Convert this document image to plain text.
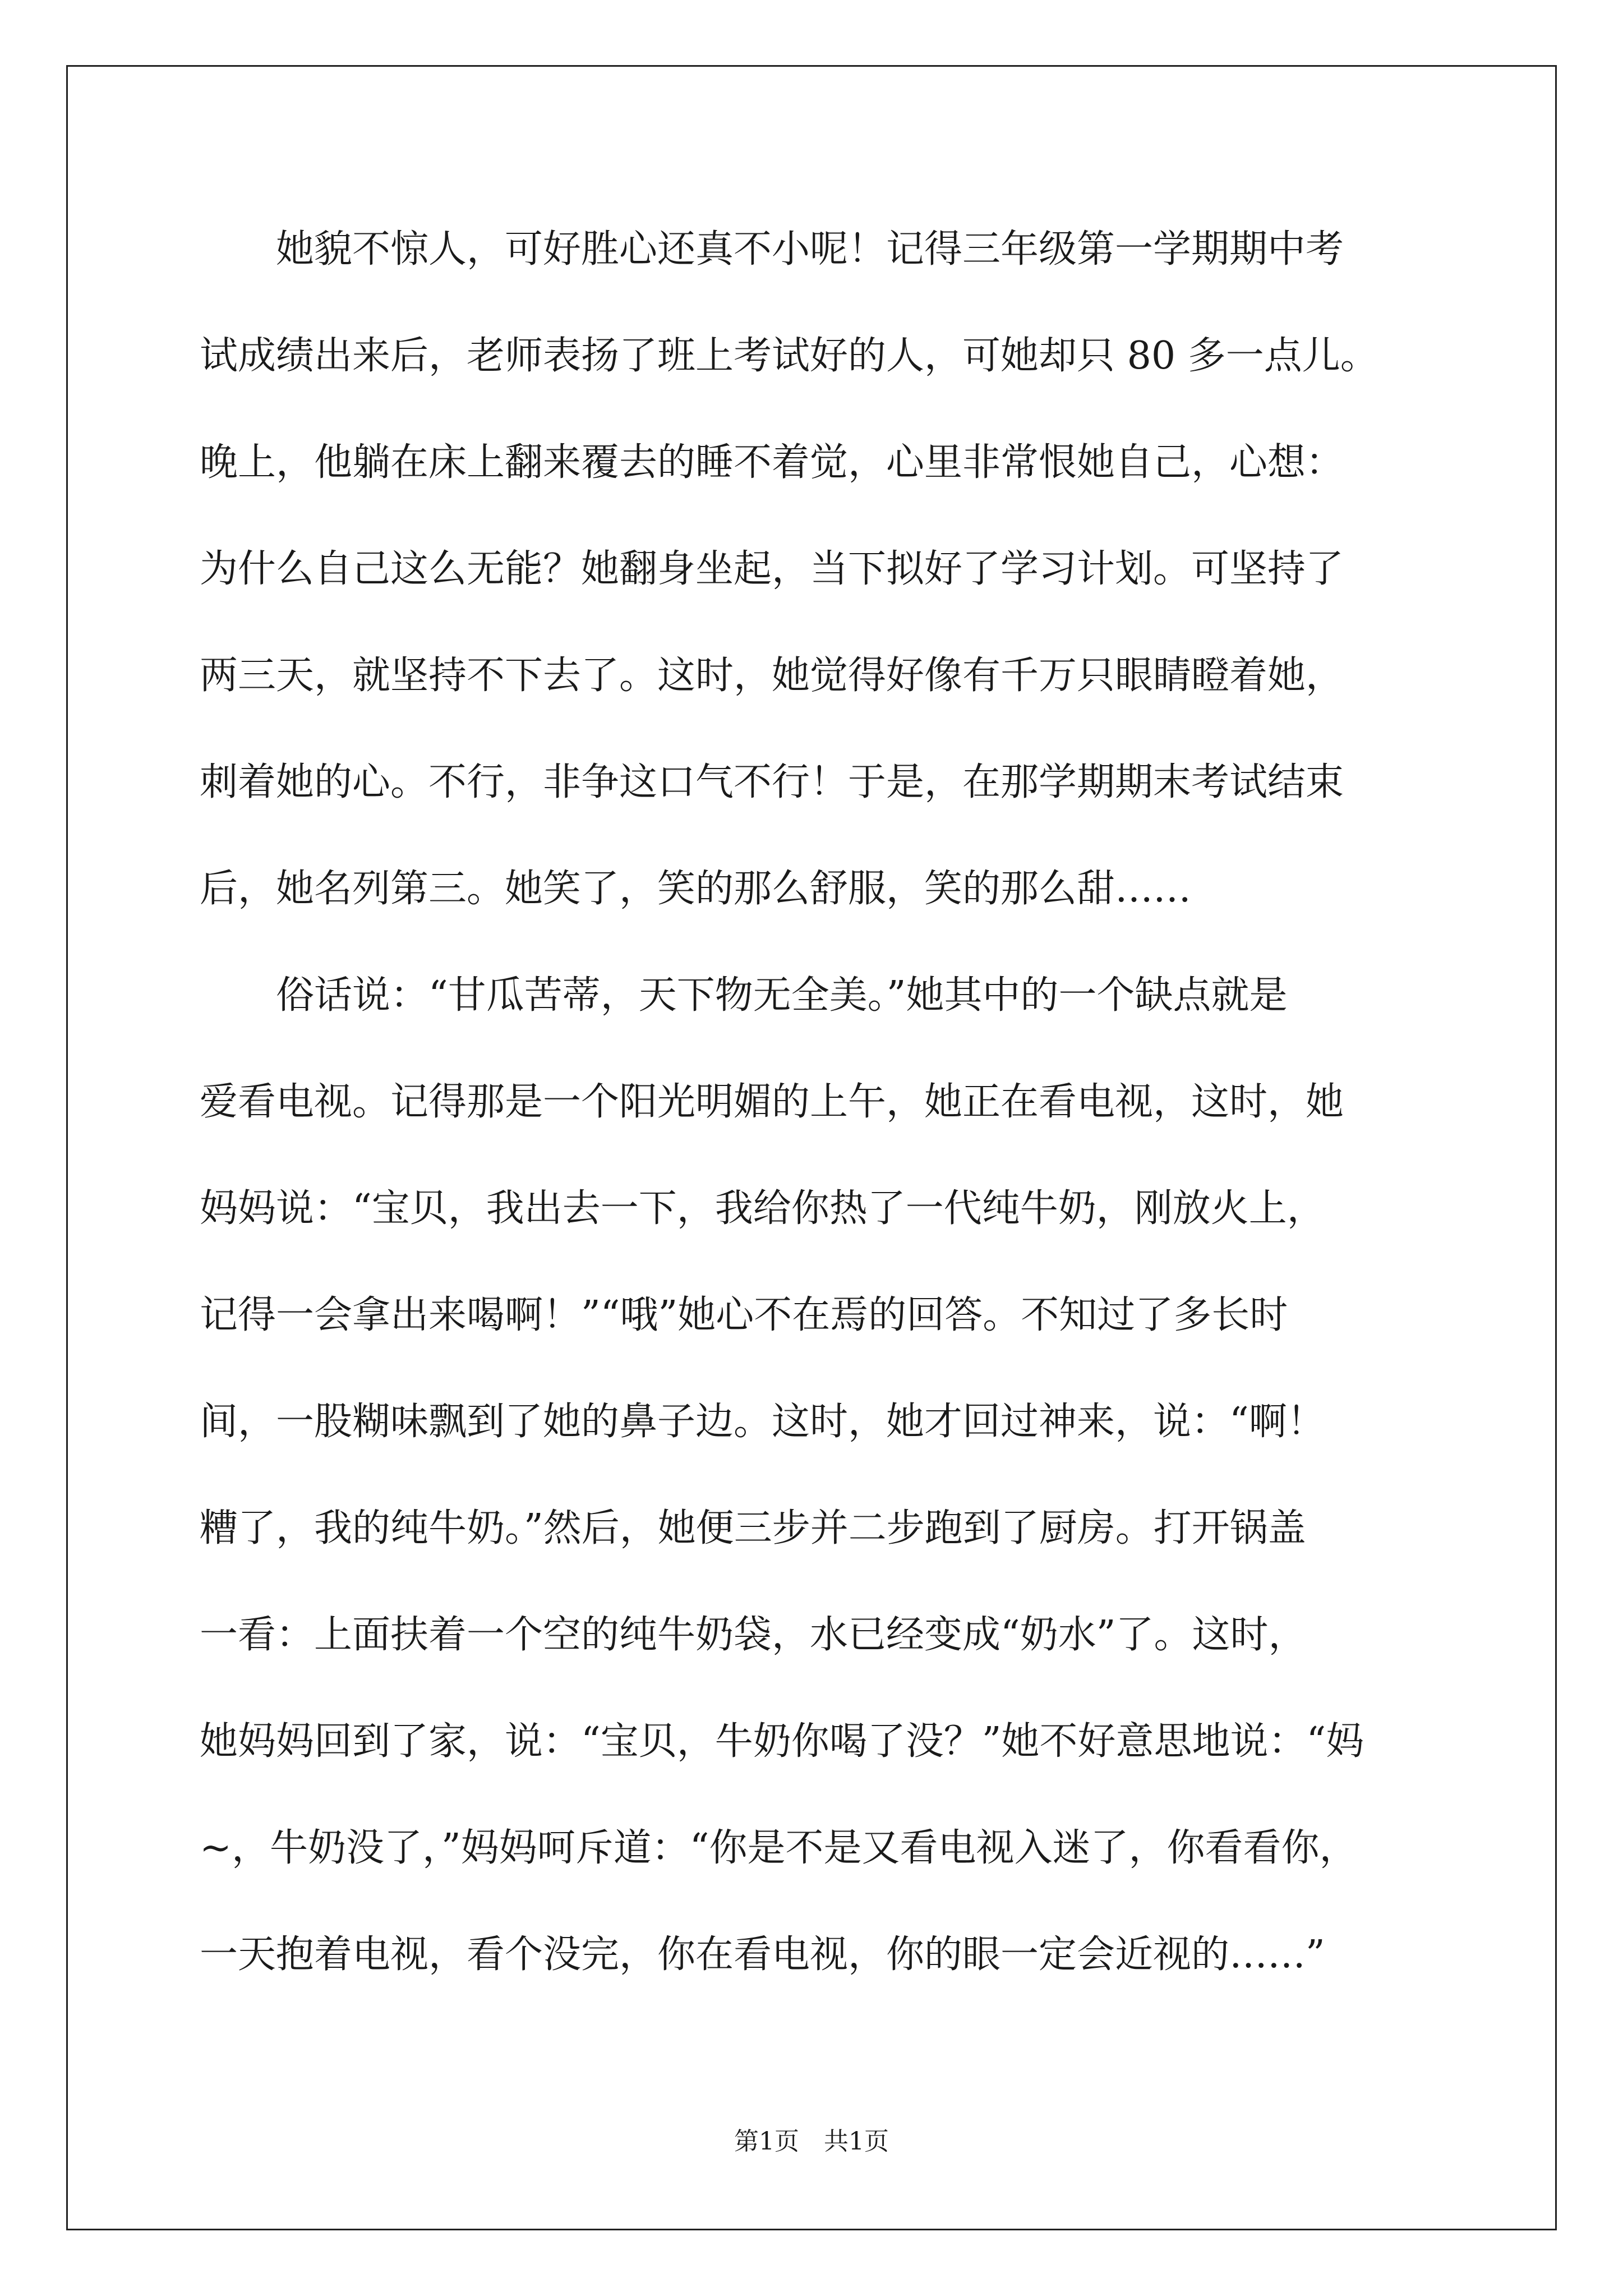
她貌不惊人，可好胜心还真不小呢！记得三年级第一学期期中考
试成绩出来后，老师表扬了班上考试好的人，可她却只 80 多一点儿。
晚上，他躺在床上翻来覆去的睡不着觉，心里非常恨她自己，心想：
为什么自己这么无能？她翻身坐起，当下拟好了学习计划。可坚持了
两三天，就坚持不下去了。这时，她觉得好像有千万只眼睛瞪着她，
刺着她的心。不行，非争这口气不行！于是，在那学期期末考试结束
后，她名列第三。她笑了，笑的那么舒服，笑的那么甜……
俗话说：“甘瓜苦蒂，天下物无全美。”她其中的一个缺点就是
爱看电视。记得那是一个阳光明媚的上午，她正在看电视，这时，她
妈妈说：“宝贝，我出去一下，我给你热了一代纯牛奶，刚放火上，
记得一会拿出来喝啊！”“哦”她心不在焉的回答。不知过了多长时
间，一股糊味飘到了她的鼻子边。这时，她才回过神来，说：“啊！
糟了，我的纯牛奶。”然后，她便三步并二步跑到了厨房。打开锅盖
一看：上面扶着一个空的纯牛奶袋，水已经变成“奶水”了。这时，
她妈妈回到了家，说：“宝贝，牛奶你喝了没？”她不好意思地说：“妈
~，牛奶没了，”妈妈呵斥道：“你是不是又看电视入迷了，你看看你，
一天抱着电视，看个没完，你在看电视，你的眼一定会近视的……”
第1页　共1页
